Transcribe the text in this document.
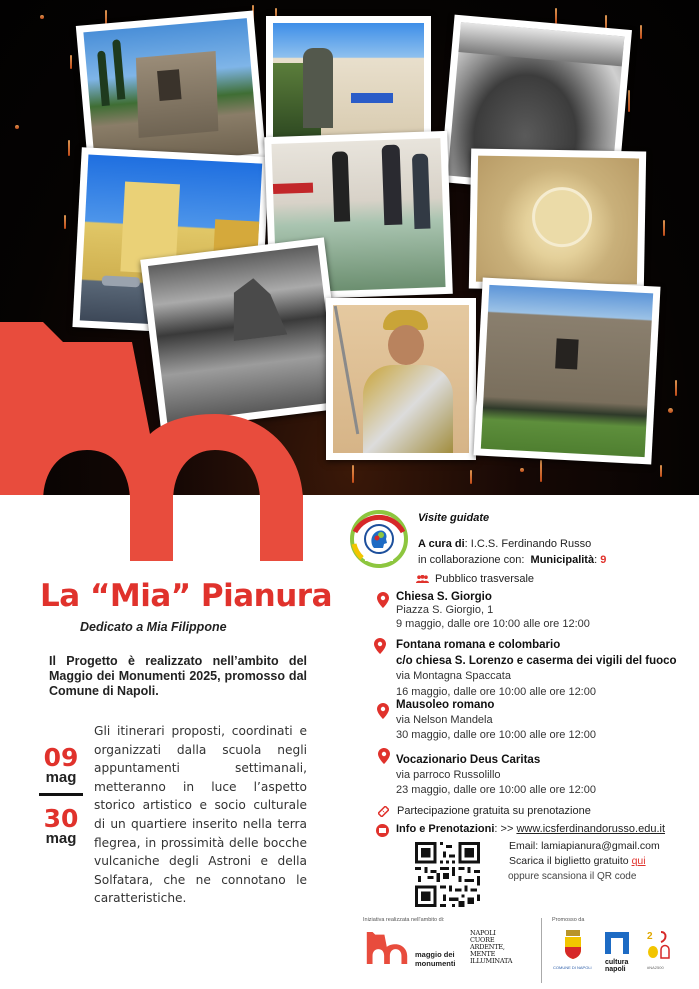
La “Mia” Pianura
Dedicato a Mia Filippone
Il Progetto è realizzato nell’ambito del Maggio dei Monumenti 2025, promosso dal Comune di Napoli.
09
mag
30
mag
Gli itinerari proposti, coordinati e organizzati dalla scuola negli appuntamenti settimanali, metteranno in luce l’aspetto storico artistico e socio culturale di un quartiere inserito nella terra flegrea, in prossimità delle bocche vulcaniche degli Astroni e della Solfatara, che ne connotano le caratteristiche.
Visite guidate
A cura di: I.C.S. Ferdinando Russo
in collaborazione con: Municipalità: 9
Pubblico trasversale
Chiesa S. Giorgio
Piazza S. Giorgio, 1
9 maggio, dalle ore 10:00 alle ore 12:00
Fontana romana e colombario
c/o chiesa S. Lorenzo e caserma dei vigili del fuoco
via Montagna Spaccata
16 maggio, dalle ore 10:00 alle ore 12:00
Mausoleo romano
via Nelson Mandela
30 maggio, dalle ore 10:00 alle ore 12:00
Vocazionario Deus Caritas
via parroco Russolillo
23 maggio, dalle ore 10:00 alle ore 12:00
Partecipazione gratuita su prenotazione
Info e Prenotazioni: >> www.icsferdinandorusso.edu.it
Email: lamiapianura@gmail.com
Scarica il biglietto gratuito qui
oppure scansiona il QR code
Iniziativa realizzata nell'ambito di:
maggio dei
monumenti
NAPOLI
CUORE
ARDENTE,
MENTE
ILLUMINATA
Promosso da
COMUNE DI NAPOLI
cultura
napoli
2
#NA2500
